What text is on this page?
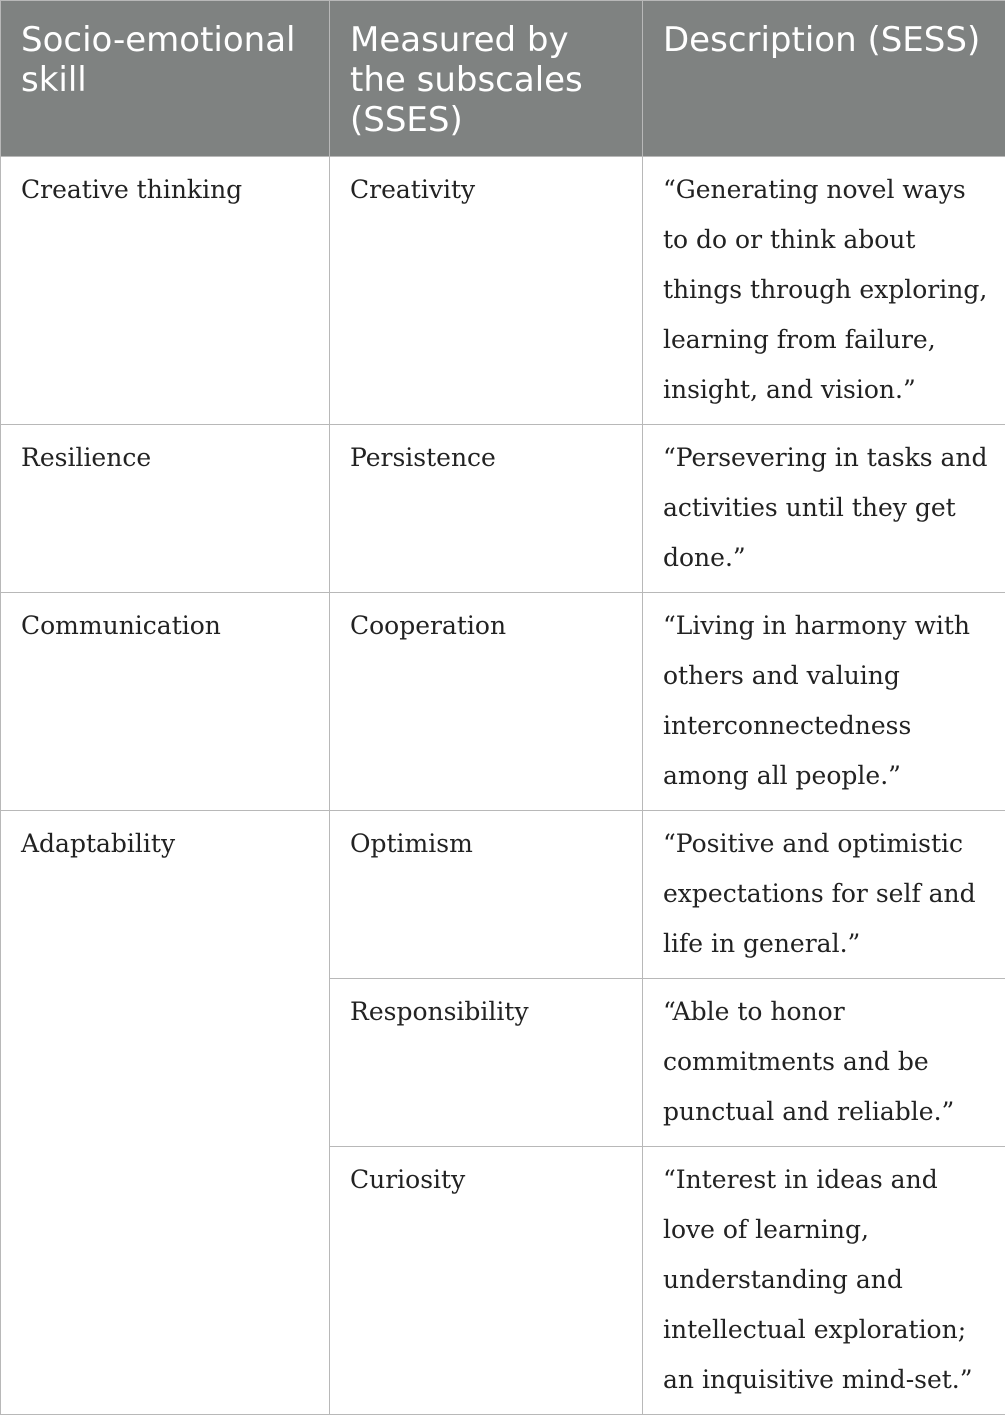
Socio-emotional skill	Measured by the subscales (SSES)	Description (SESS)
Creative thinking	Creativity	“Generating novel ways to do or think about things through exploring, learning from failure, insight, and vision.”
Resilience	Persistence	“Persevering in tasks and activities until they get done.”
Communication	Cooperation	“Living in harmony with others and valuing interconnectedness among all people.”
Adaptability	Optimism	“Positive and optimistic expectations for self and life in general.”
	Responsibility	“Able to honor commitments and be punctual and reliable.”
	Curiosity	“Interest in ideas and love of learning, understanding and intellectual exploration; an inquisitive mind-set.”
